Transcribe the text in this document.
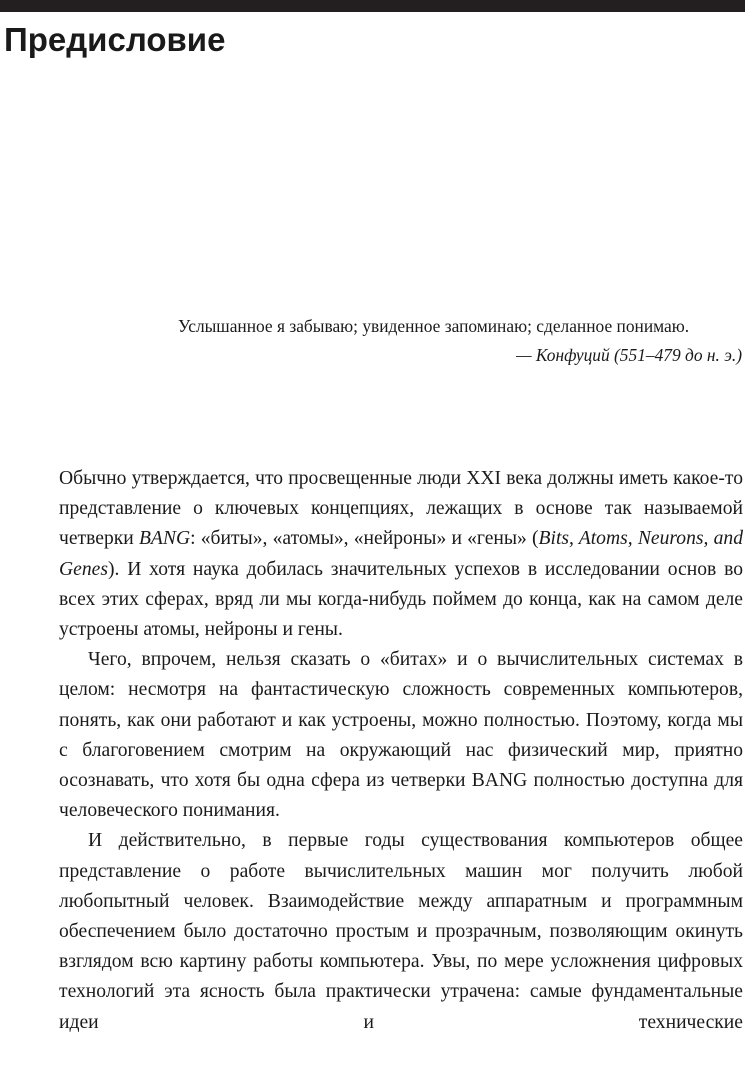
Предисловие

Услышанное я забываю; увиденное запоминаю; сделанное понимаю.

— Конфуций (551–479 до н. э.)

Обычно утверждается, что просвещенные люди XXI века должны иметь какое-то представление о ключевых концепциях, лежащих в основе так называемой четверки BANG: «биты», «атомы», «нейроны» и «гены» (Bits, Atoms, Neurons, and Genes). И хотя наука добилась значительных успехов в исследовании основ во всех этих сферах, вряд ли мы когда-нибудь поймем до конца, как на самом деле устроены атомы, нейроны и гены.

Чего, впрочем, нельзя сказать о «битах» и о вычислительных системах в целом: несмотря на фантастическую сложность современных компьютеров, понять, как они работают и как устроены, можно полностью. Поэтому, когда мы с благоговением смотрим на окружающий нас физический мир, приятно осознавать, что хотя бы одна сфера из четверки BANG полностью доступна для человеческого понимания.

И действительно, в первые годы существования компьютеров общее представление о работе вычислительных машин мог получить любой любопытный человек. Взаимодействие между аппаратным и программным обеспечением было достаточно простым и прозрачным, позволяющим окинуть взглядом всю картину работы компьютера. Увы, по мере усложнения цифровых технологий эта ясность была практически утрачена: самые фундаментальные идеи и технические
